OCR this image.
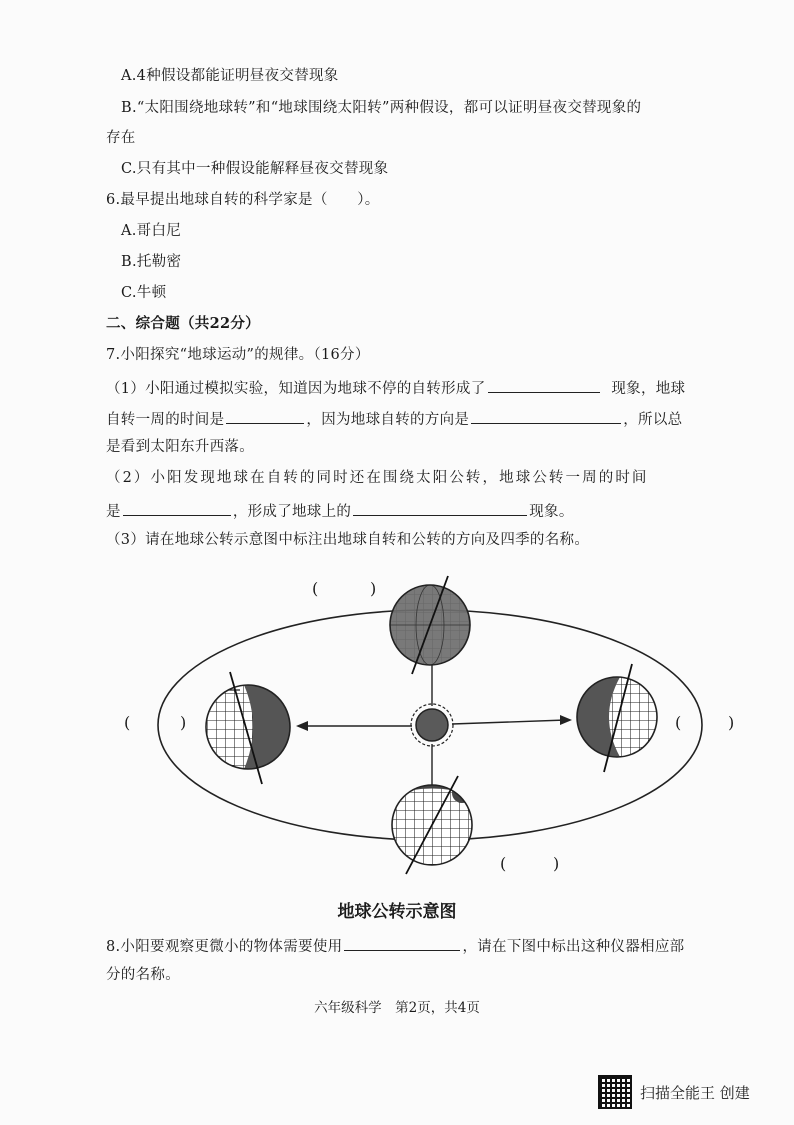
A.4种假设都能证明昼夜交替现象
B.“太阳围绕地球转”和“地球围绕太阳转”两种假设，都可以证明昼夜交替现象的
存在
C.只有其中一种假设能解释昼夜交替现象
6.最早提出地球自转的科学家是（　　）。
A.哥白尼
B.托勒密
C.牛顿
二、综合题（共22分）
7.小阳探究“地球运动”的规律。（16分）
（1）小阳通过模拟实验，知道因为地球不停的自转形成了	现象，地球
自转一周的时间是	，因为地球自转的方向是	，所以总
是看到太阳东升西落。
（2）小阳发现地球在自转的同时还在围绕太阳公转，地球公转一周的时间
是	，形成了地球上的	现象。
（3）请在地球公转示意图中标注出地球自转和公转的方向及四季的名称。
(	)
(	)	(	)
(	)
地球公转示意图
8.小阳要观察更微小的物体需要使用	，请在下图中标出这种仪器相应部
分的名称。
六年级科学　第2页，共4页
扫描全能王 创建
